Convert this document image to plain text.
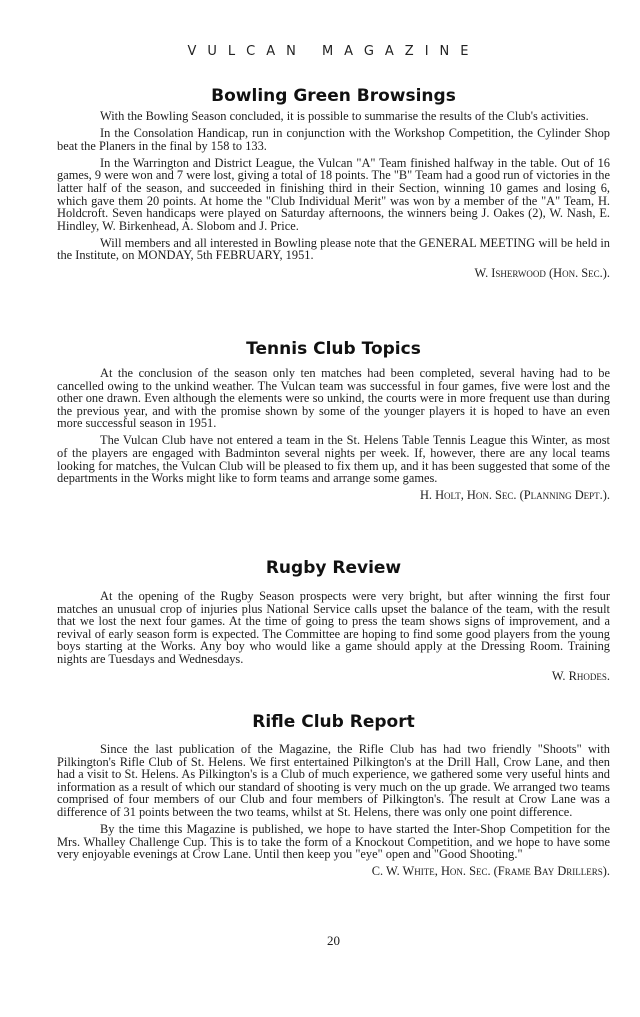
VULCAN MAGAZINE
Bowling Green Browsings

With the Bowling Season concluded, it is possible to summarise the results of the Club's activities.

In the Consolation Handicap, run in conjunction with the Workshop Competition, the Cylinder Shop beat the Planers in the final by 158 to 133.

In the Warrington and District League, the Vulcan "A" Team finished halfway in the table. Out of 16 games, 9 were won and 7 were lost, giving a total of 18 points. The "B" Team had a good run of victories in the latter half of the season, and succeeded in finishing third in their Section, winning 10 games and losing 6, which gave them 20 points. At home the "Club Individual Merit" was won by a member of the "A" Team, H. Holdcroft. Seven handicaps were played on Saturday afternoons, the winners being J. Oakes (2), W. Nash, E. Hindley, W. Birkenhead, A. Slobom and J. Price.

Will members and all interested in Bowling please note that the GENERAL MEETING will be held in the Institute, on MONDAY, 5th FEBRUARY, 1951.

W. Isherwood (Hon. Sec.).

Tennis Club Topics

At the conclusion of the season only ten matches had been completed, several having had to be cancelled owing to the unkind weather. The Vulcan team was successful in four games, five were lost and the other one drawn. Even although the elements were so unkind, the courts were in more frequent use than during the previous year, and with the promise shown by some of the younger players it is hoped to have an even more successful season in 1951.

The Vulcan Club have not entered a team in the St. Helens Table Tennis League this Winter, as most of the players are engaged with Badminton several nights per week. If, however, there are any local teams looking for matches, the Vulcan Club will be pleased to fix them up, and it has been suggested that some of the departments in the Works might like to form teams and arrange some games.

H. Holt, Hon. Sec. (Planning Dept.).

Rugby Review

At the opening of the Rugby Season prospects were very bright, but after winning the first four matches an unusual crop of injuries plus National Service calls upset the balance of the team, with the result that we lost the next four games. At the time of going to press the team shows signs of improvement, and a revival of early season form is expected. The Committee are hoping to find some good players from the young boys starting at the Works. Any boy who would like a game should apply at the Dressing Room. Training nights are Tuesdays and Wednesdays.

W. Rhodes.

Rifle Club Report

Since the last publication of the Magazine, the Rifle Club has had two friendly "Shoots" with Pilkington's Rifle Club of St. Helens. We first entertained Pilkington's at the Drill Hall, Crow Lane, and then had a visit to St. Helens. As Pilkington's is a Club of much experience, we gathered some very useful hints and information as a result of which our standard of shooting is very much on the up grade. We arranged two teams comprised of four members of our Club and four members of Pilkington's. The result at Crow Lane was a difference of 31 points between the two teams, whilst at St. Helens, there was only one point difference.

By the time this Magazine is published, we hope to have started the Inter-Shop Competition for the Mrs. Whalley Challenge Cup. This is to take the form of a Knockout Competition, and we hope to have some very enjoyable evenings at Crow Lane. Until then keep you "eye" open and "Good Shooting."

C. W. White, Hon. Sec. (Frame Bay Drillers).

20
